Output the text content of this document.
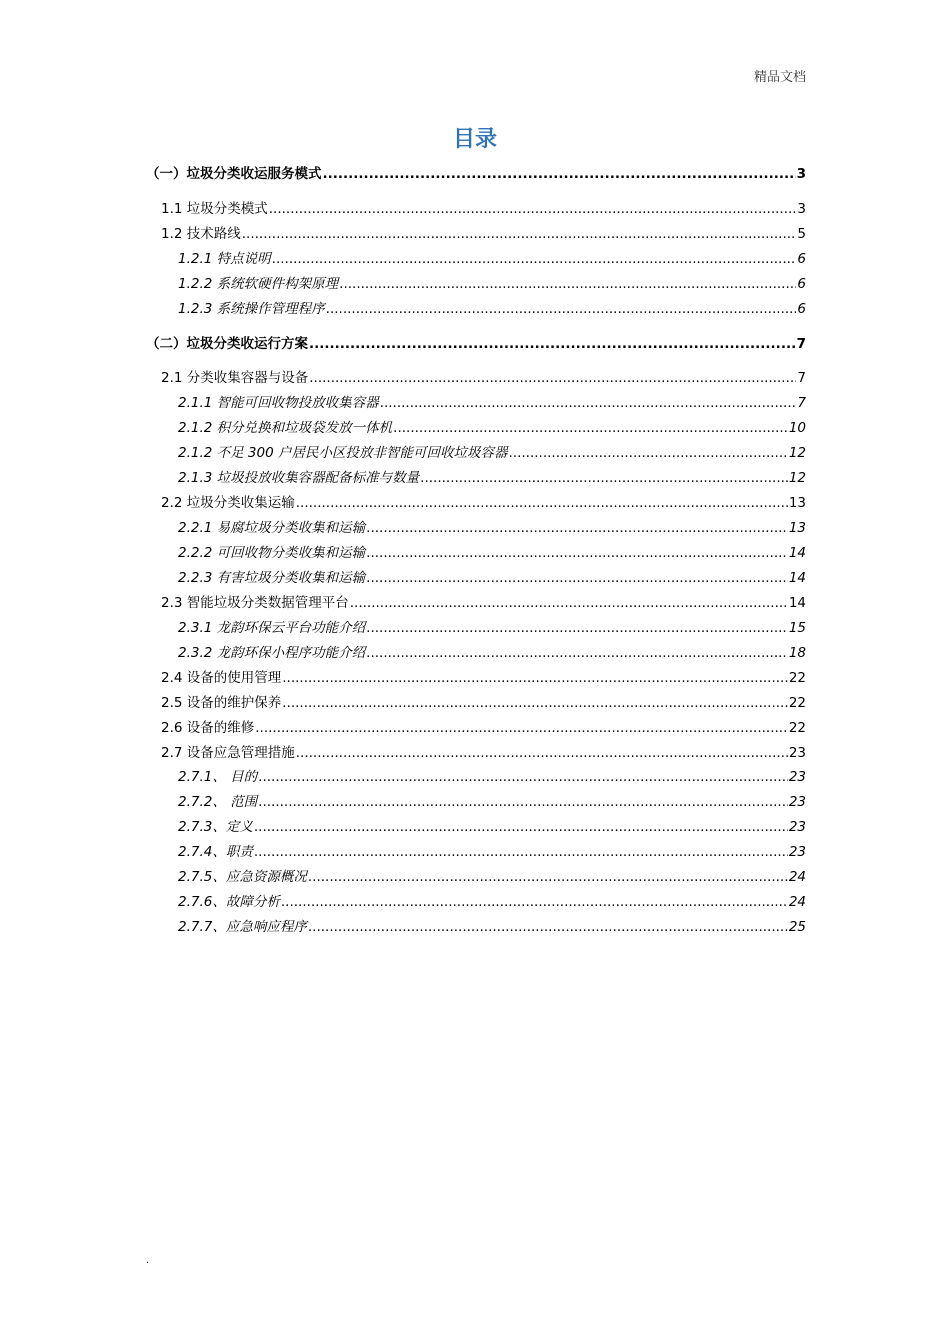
精品文档
目录
（一）垃圾分类收运服务模式 .....	3
1.1 垃圾分类模式 .....	3
1.2 技术路线 .....	5
1.2.1 特点说明 .....	6
1.2.2 系统软硬件构架原理 .....	6
1.2.3 系统操作管理程序 .....	6
（二）垃圾分类收运行方案 .....	7
2.1 分类收集容器与设备 .....	7
2.1.1 智能可回收物投放收集容器 .....	7
2.1.2 积分兑换和垃圾袋发放一体机 .....	10
2.1.2 不足 300 户居民小区投放非智能可回收垃圾容器 .....	12
2.1.3 垃圾投放收集容器配备标准与数量 .....	12
2.2 垃圾分类收集运输 .....	13
2.2.1 易腐垃圾分类收集和运输 .....	13
2.2.2 可回收物分类收集和运输 .....	14
2.2.3 有害垃圾分类收集和运输 .....	14
2.3 智能垃圾分类数据管理平台 .....	14
2.3.1 龙韵环保云平台功能介绍 .....	15
2.3.2 龙韵环保小程序功能介绍 .....	18
2.4 设备的使用管理 .....	22
2.5 设备的维护保养 .....	22
2.6 设备的维修 .....	22
2.7 设备应急管理措施 .....	23
2.7.1、 目的 .....	23
2.7.2、 范围 .....	23
2.7.3、定义 .....	23
2.7.4、职责 .....	23
2.7.5、应急资源概况 .....	24
2.7.6、故障分析 .....	24
2.7.7、应急响应程序 .....	25
.
